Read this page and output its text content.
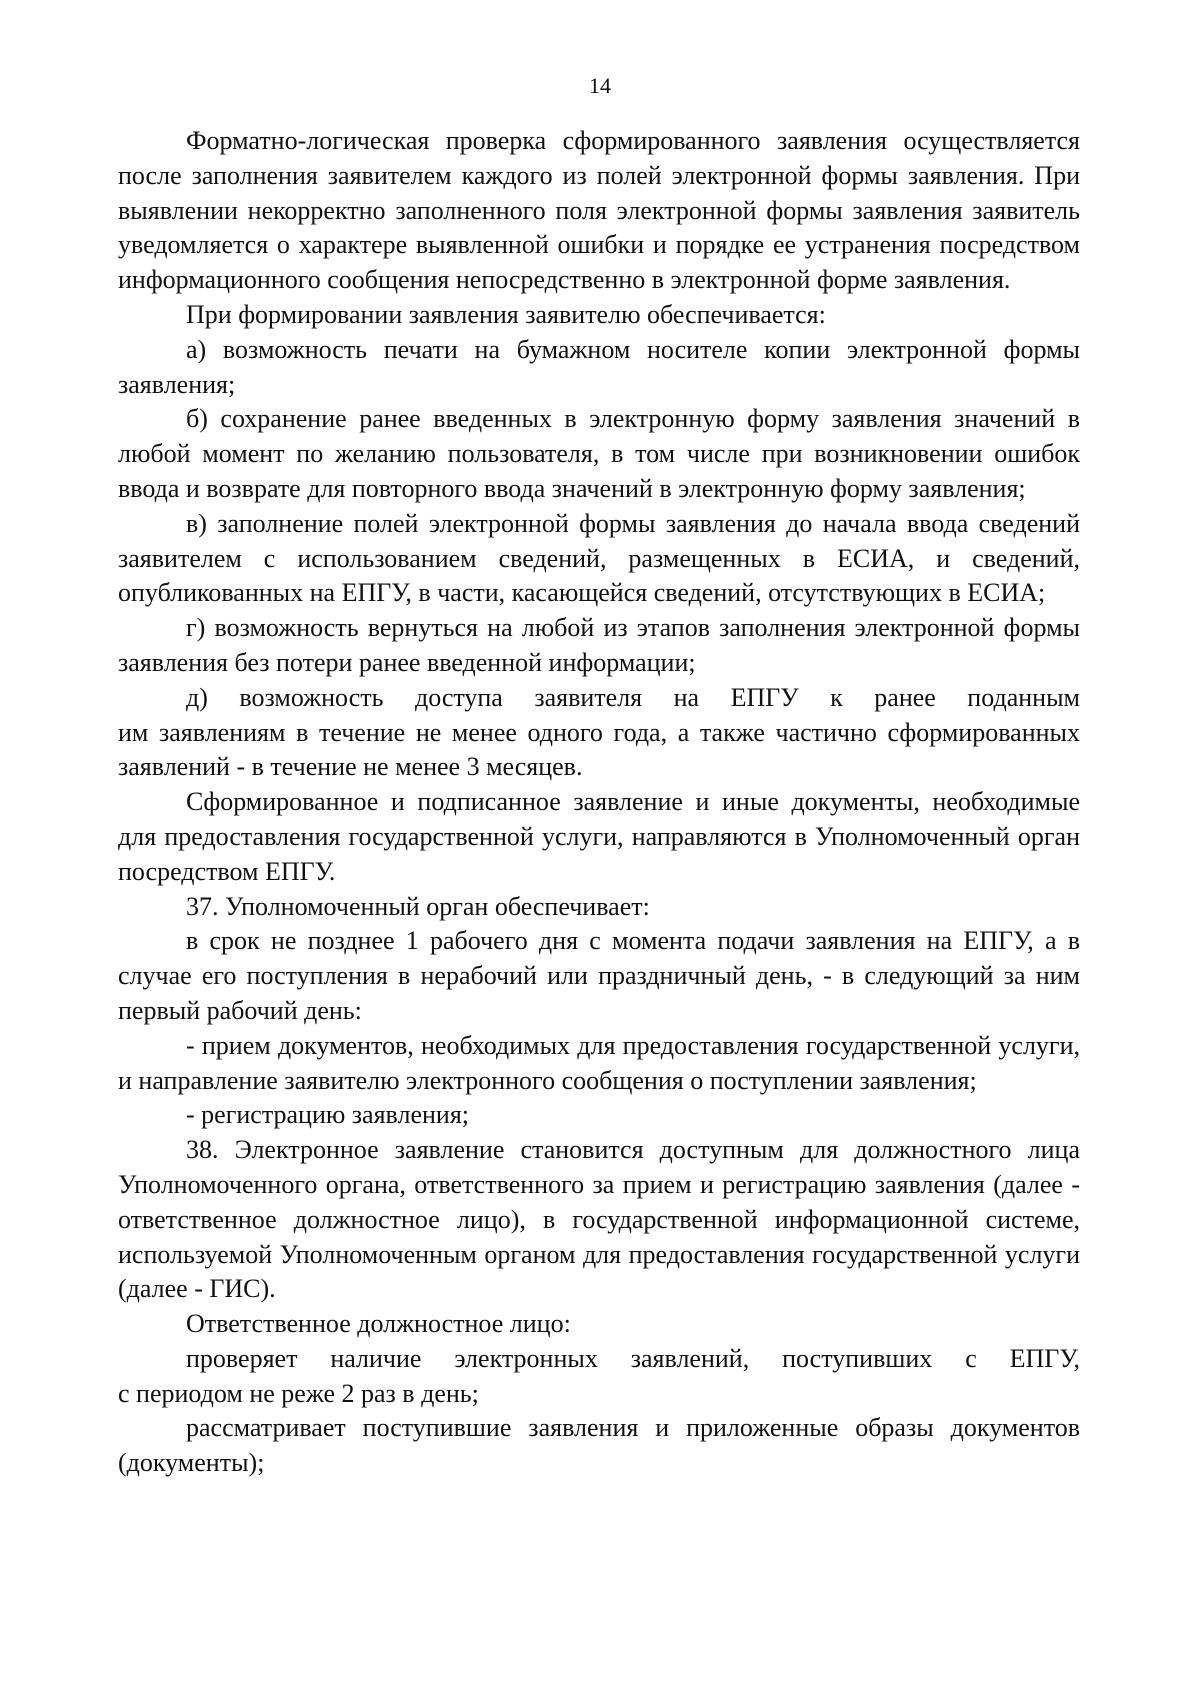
14

Форматно-логическая проверка сформированного заявления осуществляется после заполнения заявителем каждого из полей электронной формы заявления. При выявлении некорректно заполненного поля электронной формы заявления заявитель уведомляется о характере выявленной ошибки и порядке ее устранения посредством информационного сообщения непосредственно в электронной форме заявления.

При формировании заявления заявителю обеспечивается:

а) возможность печати на бумажном носителе копии электронной формы заявления;

б) сохранение ранее введенных в электронную форму заявления значений в любой момент по желанию пользователя, в том числе при возникновении ошибок ввода и возврате для повторного ввода значений в электронную форму заявления;

в) заполнение полей электронной формы заявления до начала ввода сведений заявителем с использованием сведений, размещенных в ЕСИА, и сведений, опубликованных на ЕПГУ, в части, касающейся сведений, отсутствующих в ЕСИА;

г) возможность вернуться на любой из этапов заполнения электронной формы заявления без потери ранее введенной информации;

д) возможность доступа заявителя на ЕПГУ к ранее поданным
им заявлениям в течение не менее одного года, а также частично сформированных заявлений - в течение не менее 3 месяцев.

Сформированное и подписанное заявление и иные документы, необходимые для предоставления государственной услуги, направляются в Уполномоченный орган посредством ЕПГУ.

37. Уполномоченный орган обеспечивает:

в срок не позднее 1 рабочего дня с момента подачи заявления на ЕПГУ, а в случае его поступления в нерабочий или праздничный день, - в следующий за ним первый рабочий день:

- прием документов, необходимых для предоставления государственной услуги, и направление заявителю электронного сообщения о поступлении заявления;

- регистрацию заявления;

38. Электронное заявление становится доступным для должностного лица Уполномоченного органа, ответственного за прием и регистрацию заявления (далее - ответственное должностное лицо), в государственной информационной системе, используемой Уполномоченным органом для предоставления государственной услуги (далее - ГИС).

Ответственное должностное лицо:

проверяет наличие электронных заявлений, поступивших с ЕПГУ,
с периодом не реже 2 раз в день;

рассматривает поступившие заявления и приложенные образы документов (документы);
